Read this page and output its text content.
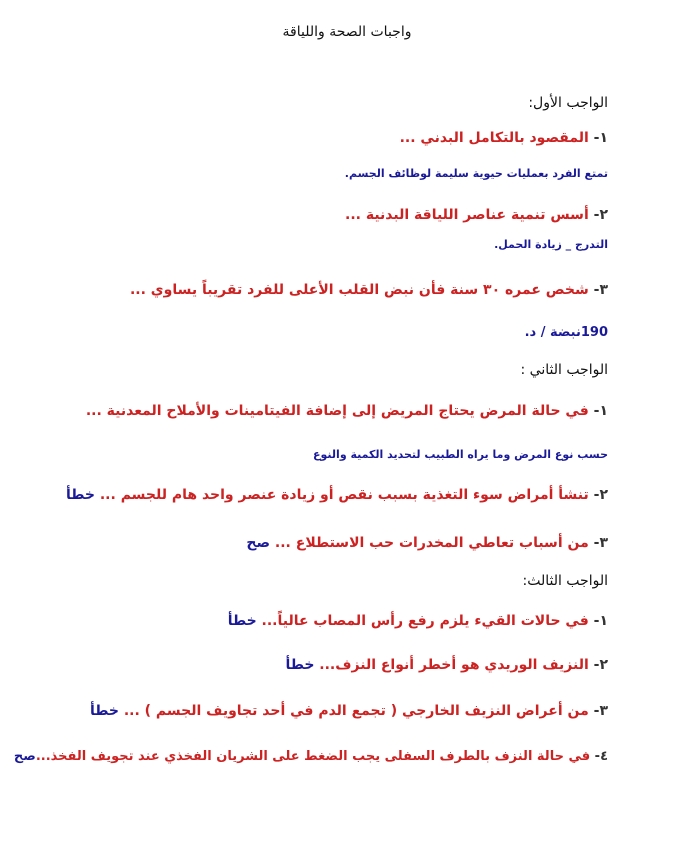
واجبات الصحة واللياقة
الواجب الأول:
١- المقصود بالتكامل البدني ...
تمتع الفرد بعمليات حيوية سليمة لوظائف الجسم.
٢- أسس تنمية عناصر اللياقة البدنية ...
التدرج _ زيادة الحمل.
٣- شخص عمره ٣٠ سنة فأن نبض القلب الأعلى للفرد تقريباً يساوي ...
190نبضة / د.
الواجب الثاني :
١- في حالة المرض يحتاج المريض إلى إضافة الفيتامينات والأملاح المعدنية ...
حسب نوع المرض وما يراه الطبيب لتحديد الكمية والنوع
٢- تنشأ أمراض سوء التغذية بسبب نقص أو زيادة عنصر واحد هام للجسم ... خطأ
٣- من أسباب تعاطي المخدرات حب الاستطلاع ... صح
الواجب الثالث:
١- في حالات القيء يلزم رفع رأس المصاب عالياً... خطأ
٢- النزيف الوريدي هو أخطر أنواع النزف... خطأ
٣- من أعراض النزيف الخارجي ( تجمع الدم في أحد تجاويف الجسم ) ... خطأ
٤- في حالة النزف بالطرف السفلى يجب الضغط على الشريان الفخذي عند تجويف الفخذ...صح
